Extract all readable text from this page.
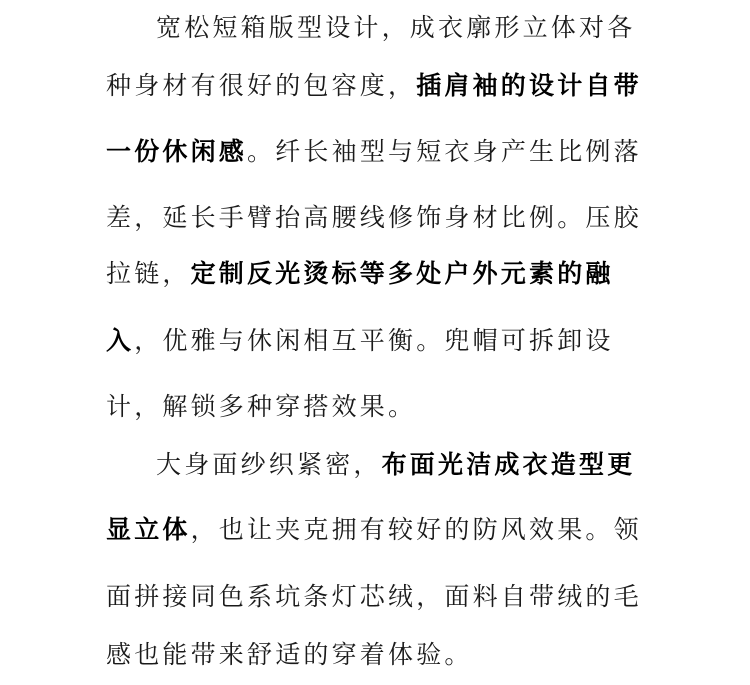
宽松短箱版型设计，成衣廓形立体对各
种身材有很好的包容度，插肩袖的设计自带
一份休闲感。纤长袖型与短衣身产生比例落
差，延长手臂抬高腰线修饰身材比例。压胶
拉链，定制反光烫标等多处户外元素的融
入，优雅与休闲相互平衡。兜帽可拆卸设
计，解锁多种穿搭效果。
大身面纱织紧密，布面光洁成衣造型更
显立体，也让夹克拥有较好的防风效果。领
面拼接同色系坑条灯芯绒，面料自带绒的毛
感也能带来舒适的穿着体验。
